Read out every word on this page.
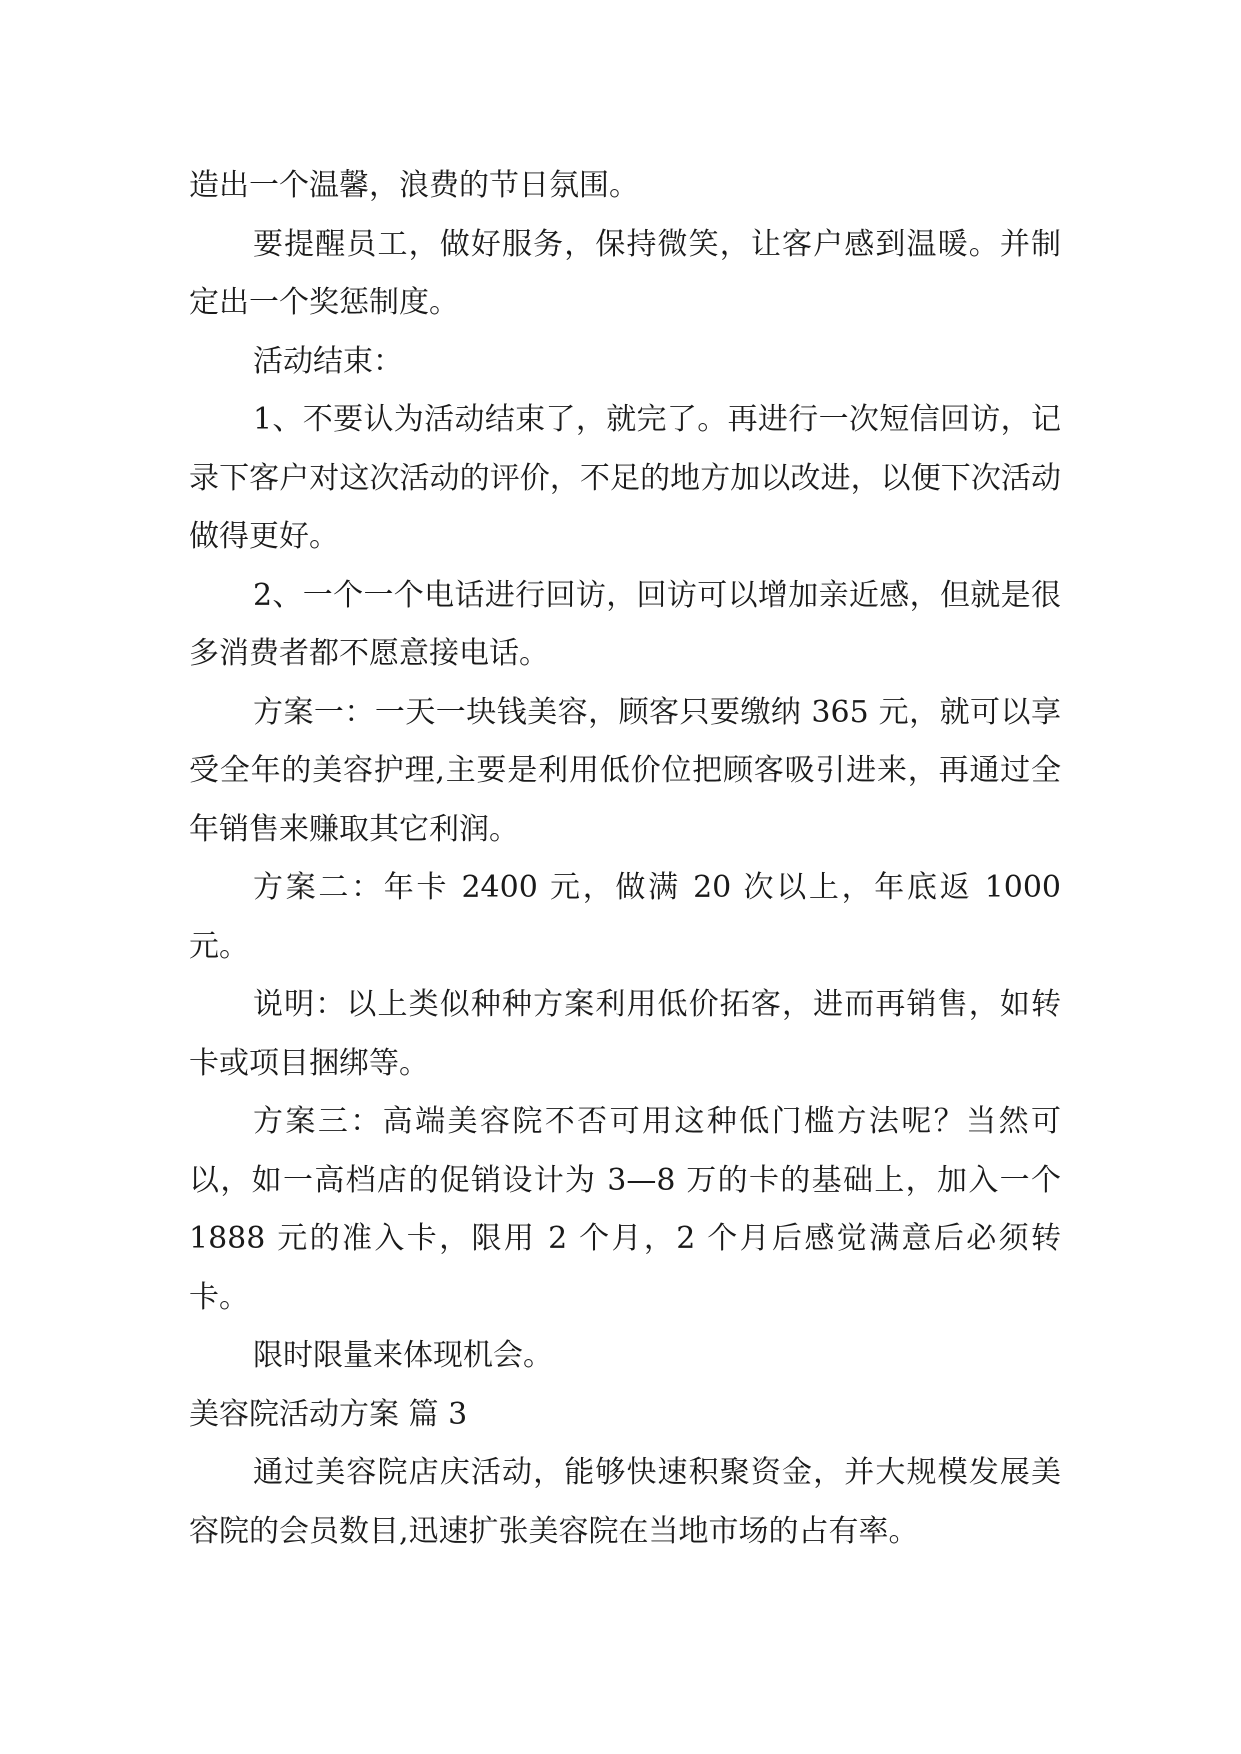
造出一个温馨，浪费的节日氛围。

要提醒员工，做好服务，保持微笑，让客户感到温暖。并制定出一个奖惩制度。

活动结束：

1、不要认为活动结束了，就完了。再进行一次短信回访，记录下客户对这次活动的评价，不足的地方加以改进，以便下次活动做得更好。

2、一个一个电话进行回访，回访可以增加亲近感，但就是很多消费者都不愿意接电话。

方案一：一天一块钱美容，顾客只要缴纳 365 元，就可以享受全年的美容护理,主要是利用低价位把顾客吸引进来，再通过全年销售来赚取其它利润。

方案二：年卡 2400 元，做满 20 次以上，年底返 1000 元。

说明：以上类似种种方案利用低价拓客，进而再销售，如转卡或项目捆绑等。

方案三：高端美容院不否可用这种低门槛方法呢？当然可以，如一高档店的促销设计为 3—8 万的卡的基础上，加入一个 1888 元的准入卡，限用 2 个月，2 个月后感觉满意后必须转卡。

限时限量来体现机会。

美容院活动方案 篇 3

通过美容院店庆活动，能够快速积聚资金，并大规模发展美容院的会员数目,迅速扩张美容院在当地市场的占有率。
